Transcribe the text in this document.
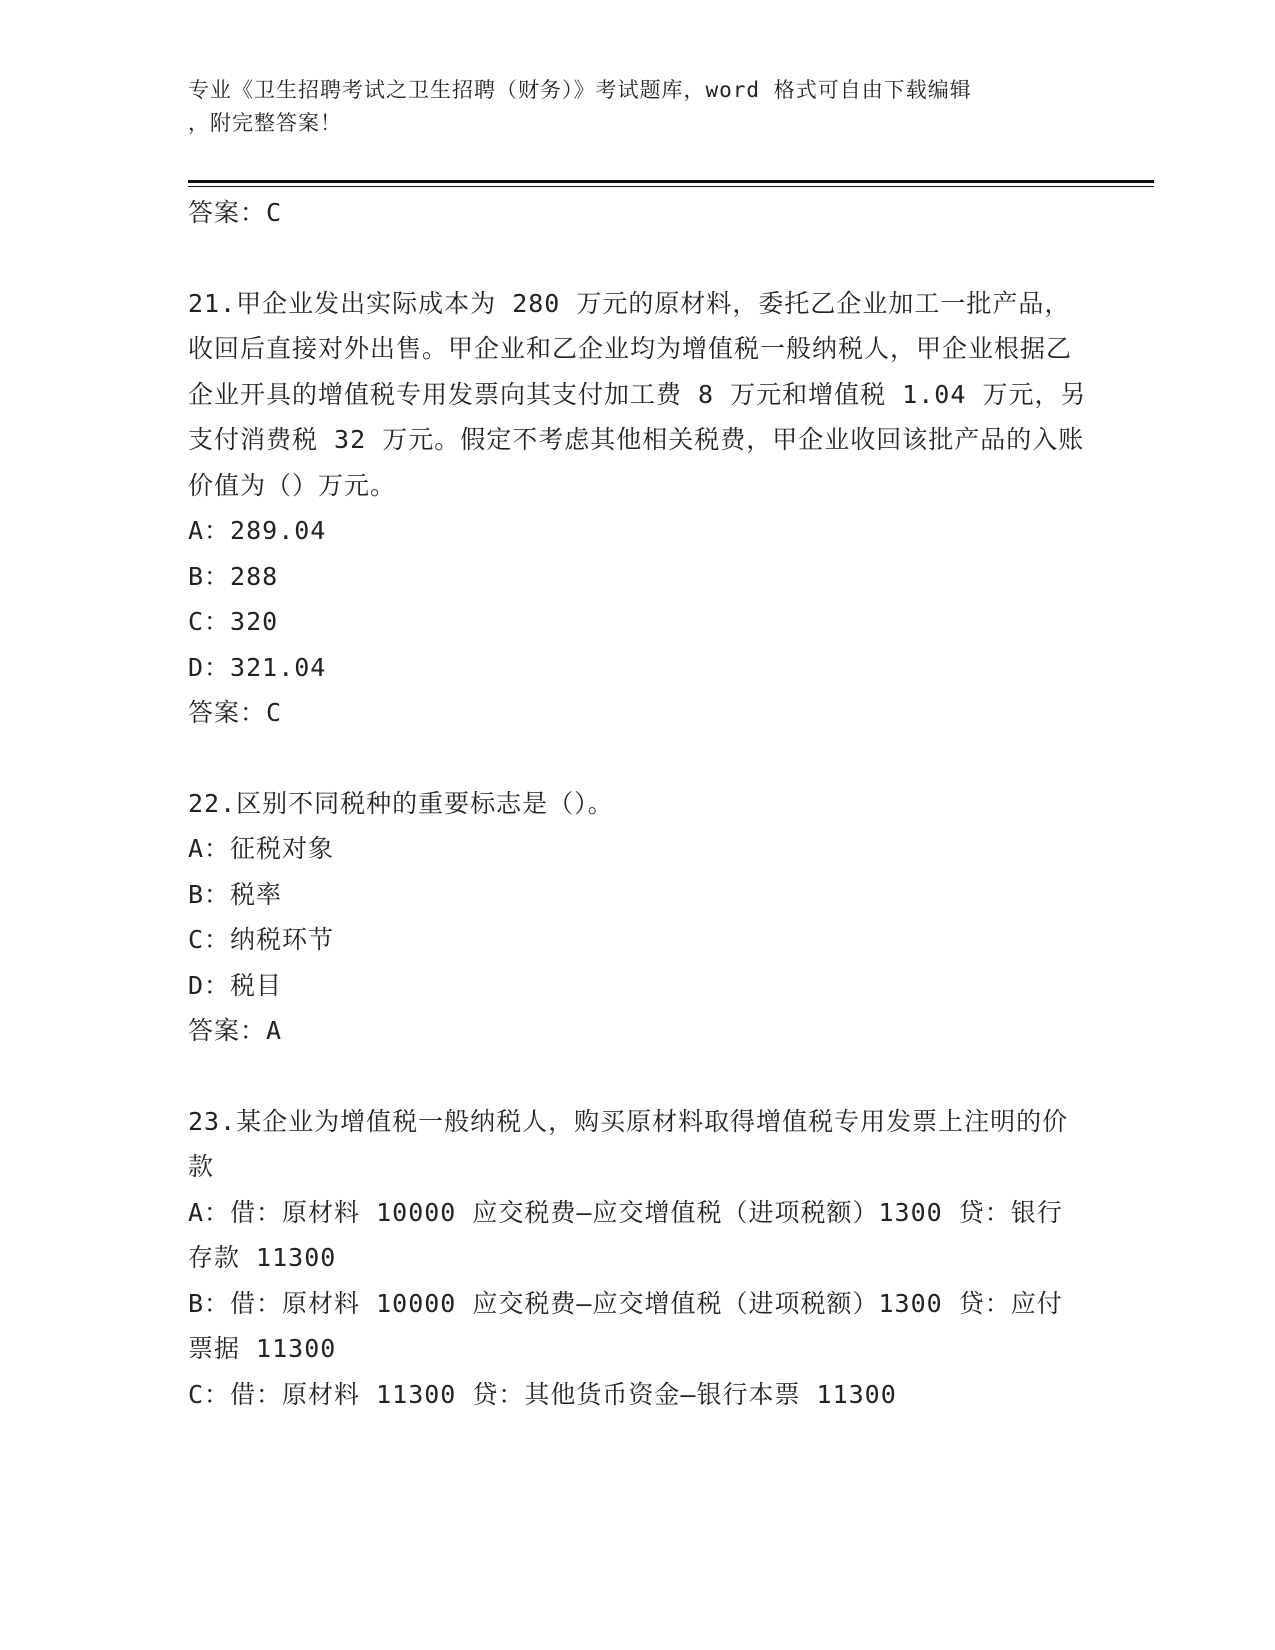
专业《卫生招聘考试之卫生招聘（财务）》考试题库，word 格式可自由下载编辑
，附完整答案！
答案：C
21.甲企业发出实际成本为 280 万元的原材料，委托乙企业加工一批产品，收回后直接对外出售。甲企业和乙企业均为增值税一般纳税人，甲企业根据乙企业开具的增值税专用发票向其支付加工费 8 万元和增值税 1.04 万元，另支付消费税 32 万元。假定不考虑其他相关税费，甲企业收回该批产品的入账价值为（）万元。
A：289.04
B：288
C：320
D：321.04
答案：C
22.区别不同税种的重要标志是（）。
A：征税对象
B：税率
C：纳税环节
D：税目
答案：A
23.某企业为增值税一般纳税人，购买原材料取得增值税专用发票上注明的价款
A：借：原材料 10000 应交税费—应交增值税（进项税额）1300 贷：银行存款 11300
B：借：原材料 10000 应交税费—应交增值税（进项税额）1300 贷：应付票据 11300
C：借：原材料 11300 贷：其他货币资金—银行本票 11300
